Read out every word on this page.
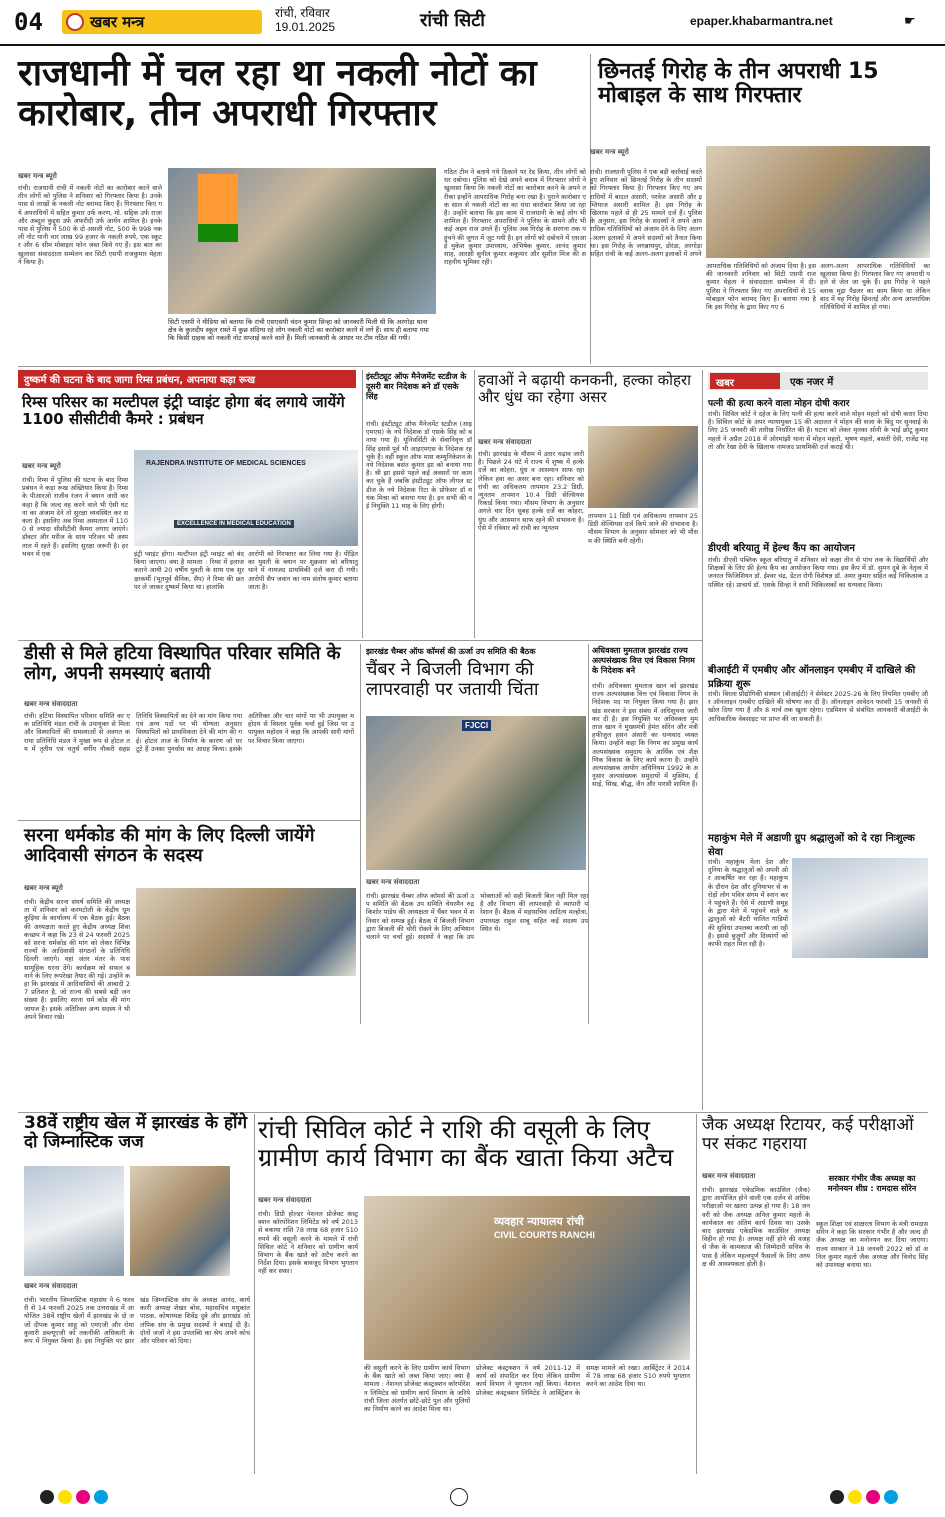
04	खबर मन्त्र	रांची, रविवार
19.01.2025	रांची सिटी	epaper.khabarmantra.net	☛
राजधानी में चल रहा था नकली नोटों का कारोबार, तीन अपराधी गिरफ्तार
खबर मन्त्र ब्यूरो
रांची। राजधानी रांची में नकली नोटों का कारोबार करने वाले तीन लोगों को पुलिस ने शनिवार को गिरफ्तार किया है। उनके पास से लाखों के नकली नोट बरामद किए हैं। गिरफ्तार किए गये अपराधियों में सहित कुमार उर्फ करण, मो. सद्दिक उर्फ राजा और अब्दुल कुद्दूस उर्फ अफरीदी उर्फ आर्यन शामिल है। इनके पास से पुलिस ने 500 के दो असली नोट, 500 के 998 नकली नोट यानी चार लाख 99 हजार के नकली रुपये, एक स्कूटर और 6 सीम मोबाइल फोन जब्त किये गए हैं। इस बात का खुलासा संवाददाता सम्मेलन कर सिटी एसपी राजकुमार मेहता ने किया है।
सिटी एसपी ने मीडिया को बताया कि रांची एसएसपी चंदन कुमार सिन्हा को जानकारी मिली थी कि अरगोड़ा थाना क्षेत्र के कुलदीप स्कूल रास्ते में कुछ संदिग्ध रहे लोग नकली नोटों का कारोबार करने में लगे हैं। साथ ही बताया गया कि किसी ग्राहक को नकली नोट सप्लाई करने वाले हैं। मिली जानकारी के आधार पर टीम गठित की गयी।
गठित टीम ने बताये गये ठिकाने पर रेड किया, तीन लोगों को धर दबोचा। पुलिस को देखे अपने बचाव में गिरफ्तार लोगों ने खुलासा किया कि नकली नोटों का कारोबार करने के अपने तरीका इन्होंने आपराधिक गिरोह बना रखा है। पुराने कारोबार एक साल से नकली नोटों का का धंधा कारोबार किया जा रहा है। उन्होंने बताया कि इस काम में राजधानी के कई लोग भी शामिल हैं। गिरफ्तार अपराधियों ने पुलिस के सामने और भी कई अहम राज उगले हैं। पुलिस अब गिरोह के सरगना तक पहुंचने की जुगत में जुट गयी है। इन लोगों को दबोचने में एसआई मुकेश कुमार उपाध्याय, अभिषेक कुमार, आनंद कुमार साह, आरक्षी सुनील कुमार ककुमार और सुशील मिंज की सराहनीय भूमिका रही।
छिनतई गिरोह के तीन अपराधी 15 मोबाइल के साथ गिरफ्तार
खबर मन्त्र ब्यूरो
रांची। राजधानी पुलिस ने एक बड़ी कार्रवाई करते हुए शनिवार को छिनतई गिरोह के तीन सदस्यों को गिरफ्तार किया है। गिरफ्तार किए गए अपराधियों में बादल असारी, परवेज असारी और इम्तियाज असारी शामिल हैं। इस गिरोह के खिलाफ पहले से ही 25 मामले दर्ज हैं। पुलिस के अनुसार, इस गिरोह के सदस्यों ने अपने आपराधिक गतिविधियों को अंजाम देने के लिए अलग-अलग इलाकों में अपने सदस्यों को तैनात किया था। इस गिरोह के जगन्नाथपुर, डोरंडा, अरगोड़ा सहित रांची के कई अलग-अलग इलाकों में अपने
आपराधिक गतिविधियों को अंजाम दिया है। इसकी जानकारी शनिवार को सिटी एसपी राजकुमार मेहता ने संवाददाता सम्मेलन में दी। पुलिस ने गिरफ्तार किए गए अपराधियों से 15 मोबाइल फोन बरामद किए हैं। बताया गया है कि इस गिरोह के द्वारा किए गए 6
अलग-अलग आपराधिक गतिविधियों का खुलासा किया है। गिरफ्तार किए गए अपराधी पहले से जेल जा चुके हैं। इस गिरोह ने पहले ब्लाक मुद्रा पैडलर का काम किया था लेकिन बाद में यह गिरोह छिनतई और अन्य आपराधिक गतिविधियों में शामिल हो गया।
दुष्कर्म की घटना के बाद जागा रिम्स प्रबंधन, अपनाया कड़ा रूख
रिम्स परिसर का मल्टीपल इंट्री प्वाइंट होगा बंद लगाये जायेंगे 1100 सीसीटीवी कैमरे : प्रबंधन
खबर मन्त्र ब्यूरो
रांची। रिम्स में पुलिस की घटना के बाद रिम्स प्रबंधन ने कड़ा रूख अख्तियार किया है। रिम्स के पीआरओ राजीव रंजन ने बयान जारी कर कहा है कि जल्द वह करने वाले भी ऐसी घटना का अंजाम देने तो सुरक्षा व्यवस्थित कर सकता है। इसलिए अब रिम्स अस्पताल में 1100 से ज्यादा सीसीटीवी कैमरा लगाए जाएंगे। डॉक्टर और मरीज के साथ परिजन भी अस्पताल में रहते हैं। इसलिए सुरक्षा जरूरी है। हर भवन में एक
RAJENDRA INSTITUTE OF MEDICAL SCIENCES
EXCELLENCE IN MEDICAL EDUCATION
इंट्री प्वाइंट होगा। मल्टीपल इंट्री प्वाइंट को बंद किया जाएगा। क्या है मामला : रिम्स में इलाज कराने आयी 20 वर्षीय युवती के साथ एक सुरक्षाकर्मी (भूतपूर्व सैनिक, सैप) ने रिम्स की छत पर ले जाकर दुष्कर्म किया था। हालांकि
आरोपी को गिरफ्तार कर लिया गया है। पीड़ित का युवती के बयान पर शुक्रवार को बरियातु थाने में नामजद प्राथमिकी दर्ज करा दी गयी। आरोपी सैप जवान का नाम संतोष कुमार बताया जाता है।
इंस्टीट्यूट ऑफ मैनेजमेंट स्टडीज के दूसरी बार निदेशक बने डॉ एसके सिंह
रांची। इंस्टीट्यूट ऑफ मैनेजमेंट स्टडीज (आइएमएस) के नये निदेशक डॉ एसके सिंह को बनाया गया है। यूनिवर्सिटी के सेवानिवृत्त डॉ सिंह इससे पूर्व भी आइएमएस के निदेशक रह चुके हैं। वहीं स्कूल ऑफ मास कम्युनिकेशन के नये निदेशक बसंत कुमार झा को बनाया गया है। श्री झा इससे पहले कई अवसरों पर काम कर चुके हैं जबकि इंस्टीट्यूट ऑफ लीगल स्टडीज के नये निदेशक रिटा के प्रोफेसर डॉ मयंक मिश्रा को बनाया गया है। इन सभी की नई नियुक्ति 11 माह के लिए होगी।
हवाओं ने बढ़ायी कनकनी, हल्का कोहरा और धुंध का रहेगा असर
खबर मन्त्र संवाददाता
रांची। झारखंड के मौसम में उतार चढ़ाव जारी है। पिछले 24 घंटे में राज्य में शुष्क में हल्के दर्जे का कोहरा, धुंध व आसमान साफ रहा लेकिन हवा का असर बना रहा। शनिवार को रांची का अधिकतम तापमान 23.2 डिग्री, न्यूनतम तापमान 10.4 डिग्री सेल्सियस रिकार्ड किया गया। मौसम विभाग के अनुसार अगले चार दिन सुबह हल्के दर्जे का कोहरा, धुंध और आसमान साफ रहने की संभावना है। ऐसे में रविवार को रांची का न्यूनतम
तापमान 11 डिग्री एवं अधिकतम तापमान 25 डिग्री सेल्सियस दर्ज किये जाने की संभावना है। मौसम विभाग के अनुसार सोमवार को भी मौसम की स्थिति बनी रहेगी।
खबर	एक नजर में
पत्नी की हत्या करने वाला मोहन दोषी करार
रांची। सिविल कोर्ट ने दहेज के लिए पत्नी की हत्या करने वाले मोहन महतो को दोषी करार दिया है। सिविल कोर्ट के अपर न्यायायुक्त 15 की अदालत ने मोहन की सजा के बिंदु पर सुनवाई के लिए 25 जनवरी की तारीख निर्धारित की है। घटना को लेकर मृतका सोनी के भाई छोटू कुमार महतो ने अप्रैल 2018 में ओरमांझी थाना में मोहन महतो, भूषण महतो, बसंती देवी, राजेंद्र महतो और रेखा देवी के खिलाफ नामजद प्राथमिकी दर्ज कराई थी।
डीएवी बरियातु में हेल्थ कैंप का आयोजन
रांची। डीएवी पब्लिक स्कूल बरियातु में शनिवार को कक्षा तीन से पांच तक के विद्यार्थियों और शिक्षकों के लिए फ्री हेल्थ कैंप का आयोजन किया गया। इस कैंप में डॉ. सुमन दुबे के नेतृत्व में जनरल फिजिशियन डॉ. ईश्वर चंद्र, डेंटल रोगी विशेषज्ञ डॉ. अमर कुमार सहित कई चिकित्सक उपस्थित रहे। प्राचार्य डॉ. एसके सिन्हा ने सभी चिकित्सकों का धन्यवाद किया।
बीआईटी में एमबीए और ऑनलाइन एमबीए में दाखिले की प्रक्रिया शुरू
रांची। बिरला प्रौद्योगिकी संस्थान (बीआईटी) ने सेमेस्टर 2025-26 के लिए नियमित एमबीए और ऑनलाइन एमबीए दाखिले की घोषणा कर दी है। ऑनलाइन आवेदन फरवरी 15 जनवरी से खोल दिया गया है और 8 मार्च तक खुला रहेगा। एडमिशन से संबंधित जानकारी बीआईटी के आधिकारिक वेबसाइट पर प्राप्त की जा सकती है।
महाकुंभ मेले में अडाणी ग्रुप श्रद्धालुओं को दे रहा निःशुल्क सेवा
रांची। महाकुंभ मेला देश और दुनिया के श्रद्धालुओं को अपनी ओर आकर्षित कर रहा है। महाकुंभ के दौरान देश और दुनियाभर से करोड़ों लोग पवित्र संगम में स्नान करने पहुंचते हैं। ऐसे में अडाणी समूह के द्वारा मेले में पहुंचने वाले श्रद्धालुओं को बैटरी चालित गाड़ियों की सुविधा उपलब्ध करायी जा रही है। इससे बुजुर्गों और दिव्यांगों को काफी राहत मिल रही है।
डीसी से मिले हटिया विस्थापित परिवार समिति के लोग, अपनी समस्याएं बतायी
खबर मन्त्र संवाददाता
रांची। हटिया विस्थापित परिवार समिति का एक प्रतिनिधि मंडल रांची के उपायुक्त से मिला और विस्थापितों की समस्याओं से अवगत कराया प्रतिनिधि मंडल ने मुख्य रूप से होटल तय में तृतीय एवं चतुर्थ वर्गीय नौकरी सहप्रतिनिधि विस्थापितों का देने का मांग किया गया एवं अन्य पदों पर भी योग्यता अनुसार विस्थापितों को प्राथमिकता देने की मांग की गई। होटल ताज के निर्माण के कारण जो घर टूटे हैं उनका पुनर्वास का आग्रह किया। इसके अतिरिक्त और चार मांगों पर भी उपायुक्त महोदय से विस्तार पूर्वक चर्चा हुई जिस पर उपायुक्त महोदय ने कहा कि आपकी सारी मांगों पर विचार किया जाएगा।
झारखंड चैम्बर ऑफ कॉमर्स की ऊर्जा उप समिति की बैठक
चैंबर ने बिजली विभाग की लापरवाही पर जतायी चिंता
FJCCI
खबर मन्त्र संवाददाता
रांची। झारखंड चैम्बर ऑफ कॉमर्स की ऊर्जा उप समिति की बैठक उप समिति चेयरमैन रुद्र किशोर पांडेय की अध्यक्षता में चैंबर भवन में शनिवार को सम्पन्न हुई। बैठक में बिजली विभाग द्वारा बिजली की चोरी रोकने के लिए अभियान चलाने पर चर्चा हुई। सदस्यों ने कहा कि उपभोक्ताओं को सही बिजली बिल नहीं मिल रहा है और विभाग की लापरवाही से व्यापारी परेशान हैं। बैठक में महासचिव आदित्य मल्होत्रा, उपाध्यक्ष राहुल साबू सहित कई सदस्य उपस्थित थे।
अधिवक्ता मुमताज झारखंड राज्य अल्पसंख्यक वित्त एवं विकास निगम के निदेशक बने
रांची। अधिवक्ता मुमताज खान को झारखंड राज्य अल्पसंख्यक वित्त एवं विकास निगम के निदेशक पद पर नियुक्त किया गया है। झारखंड सरकार ने इस संबंध में अधिसूचना जारी कर दी है। इस नियुक्ति पर अधिवक्ता मुमताज खान ने मुख्यमंत्री हेमंत सोरेन और मंत्री हफीजुल हसन अंसारी का धन्यवाद व्यक्त किया। उन्होंने कहा कि निगम का प्रमुख कार्य अल्पसंख्यक समुदाय के आर्थिक एवं शैक्षणिक विकास के लिए कार्य करना है। उन्होंने अल्पसंख्यक आयोग अधिनियम 1992 के अनुसार अल्पसंख्यक समुदायों में मुस्लिम, ईसाई, सिख, बौद्ध, जैन और पारसी शामिल हैं।
सरना धर्मकोड की मांग के लिए दिल्ली जायेंगे आदिवासी संगठन के सदस्य
खबर मन्त्र ब्यूरो
रांची। केंद्रीय सरना संघर्ष समिति की अध्यक्षता में शनिवार को करमटोली के केंद्रीय धूमकुड़िया के कार्यालय में एक बैठक हुई। बैठक की अध्यक्षता करते हुए केंद्रीय अध्यक्ष शिवा कच्छप ने कहा कि 23 से 24 फरवरी 2025 को सरना धर्मकोड की मांग को लेकर विभिन्न राज्यों के आदिवासी संगठनों के प्रतिनिधि दिल्ली जाएंगे। वहां जंतर मंतर के पास सामूहिक धरना देंगे। कार्यक्रम को सफल बनाने के लिए रूपरेखा तैयार की गई। उन्होंने कहा कि झारखंड में आदिवासियों की आबादी 27 प्रतिशत है, जो राज्य की सबसे बड़ी जनसंख्या है। इसलिए सरना धर्म कोड की मांग जायज है। इसके अतिरिक्त अन्य सदस्य ने भी अपने विचार रखे।
38वें राष्ट्रीय खेल में झारखंड के होंगे दो जिम्नास्टिक जज
खबर मन्त्र संवाददाता
रांची। भारतीय जिम्नास्टिक महासंघ ने 6 फरवरी से 14 फरवरी 2025 तक उत्तराखंड में आयोजित 38वें राष्ट्रीय खेलों में झारखंड के दो जजों दीपक कुमार साहू को एमएजी और रोमा कुमारी डब्ल्यूएजी को तकनीकी अधिकारी के रूप में नियुक्त किया है। इस नियुक्ति पर झारखंड जिम्नास्टिक संघ के अध्यक्ष आनंद, कार्यकारी अध्यक्ष शेखर बोस, महासचिव मधुकांत पाठक, कोषाध्यक्ष शिवेंद्र दुबे और झारखंड ओलंपिक संघ के प्रमुख सदस्यों ने बधाई दी है। दोनों जजों ने इस उपलब्धि का श्रेय अपने कोच और परिवार को दिया।
रांची सिविल कोर्ट ने राशि की वसूली के लिए ग्रामीण कार्य विभाग का बैंक खाता किया अटैच
खबर मन्त्र संवाददाता
रांची। डिग्री होल्डर नेशनल प्रोजेक्ट कंस्ट्रक्शन कॉरपोरेशन लिमिटेड को वर्ष 2013 से बकाया राशि 78 लाख 68 हजार 510 रुपये की वसूली करने के मामले में रांची सिविल कोर्ट ने शनिवार को ग्रामीण कार्य विभाग के बैंक खाते को अटैच करने का निर्देश दिया। इसके बावजूद विभाग भुगतान नहीं कर सका।
व्यवहार न्यायालय रांची
CIVIL COURTS RANCHI
की वसूली करने के लिए ग्रामीण कार्य विभाग के बैंक खाते को जब्त किया जाए। क्या है मामला : नेशनल प्रोजेक्ट कंस्ट्रक्शन कॉरपोरेशन लिमिटेड को ग्रामीण कार्य विभाग के जरिये रांची जिला अंतर्गत छोटे-छोटे पुल और पुलियों का निर्माण करने का आदेश मिला था।
प्रोजेक्ट कंस्ट्रक्शन ने वर्ष 2011-12 में कार्य को संपादित कर दिया लेकिन ग्रामीण कार्य विभाग ने भुगतान नहीं किया। नेशनल प्रोजेक्ट कंस्ट्रक्शन लिमिटेड ने आर्बिट्रेशन के समक्ष मामले को रखा। आर्बिट्रेटर ने 2014 में 78 लाख 68 हजार 510 रुपये भुगतान करने का आदेश दिया था।
जैक अध्यक्ष रिटायर, कई परीक्षाओं पर संकट गहराया
खबर मन्त्र संवाददाता
रांची। झारखंड एकेडमिक काउंसिल (जैक) द्वारा आयोजित होने वाली एक दर्जन से अधिक परीक्षाओं पर खतरा उत्पन्न हो गया है। 18 जनवरी को जैक अध्यक्ष अनिल कुमार महतो के कार्यकाल का अंतिम कार्य दिवस था। उसके बाद झारखंड एकेडमिक काउंसिल अध्यक्ष विहीन हो गया है। अध्यक्ष नहीं होने की वजह से जैक के कामकाज की जिम्मेदारी सचिव के पास है लेकिन महत्वपूर्ण फैसलों के लिए अध्यक्ष की आवश्यकता होती है।
सरकार गंभीर जैक अध्यक्ष का मनोनयन शीघ्र : रामदास सोरेन
स्कूल शिक्षा एवं साक्षरता विभाग के मंत्री रामदास सोरेन ने कहा कि सरकार गंभीर है और जल्द ही जैक अध्यक्ष का मनोनयन कर दिया जाएगा। राज्य सरकार ने 18 जनवरी 2022 को डॉ अनिल कुमार महतो जैक अध्यक्ष और विनोद सिंह को उपाध्यक्ष बनाया था।
